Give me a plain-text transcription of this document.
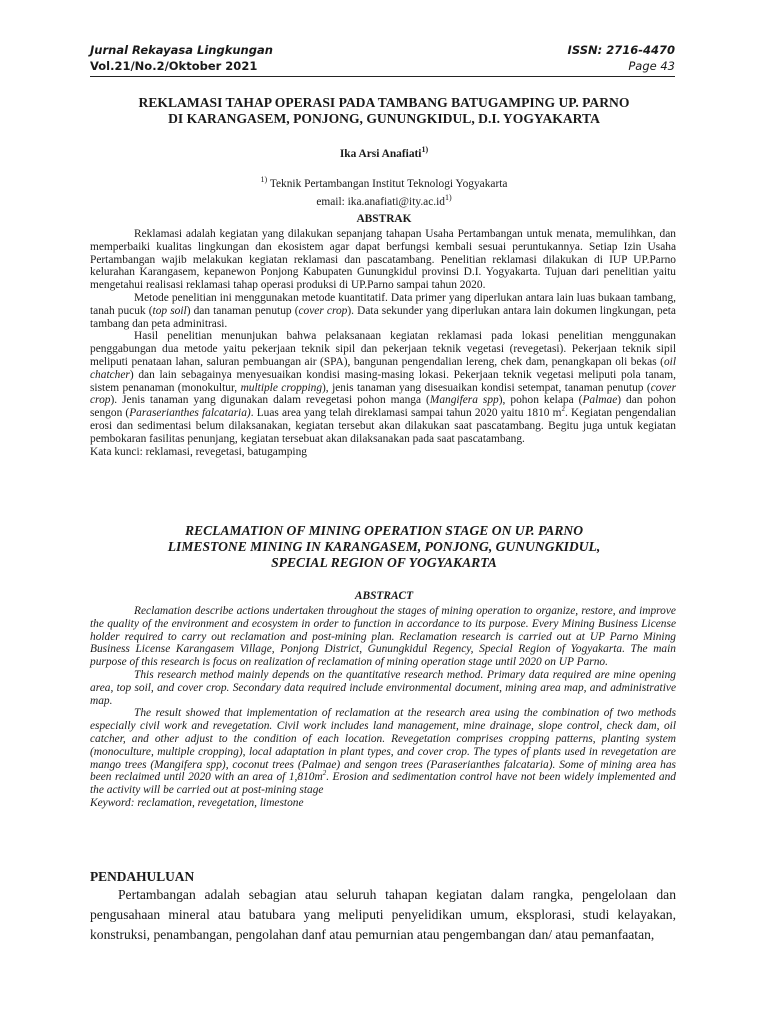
Jurnal Rekayasa Lingkungan	ISSN: 2716-4470
Vol.21/No.2/Oktober 2021	Page 43
REKLAMASI TAHAP OPERASI PADA TAMBANG BATUGAMPING UP. PARNO
DI KARANGASEM, PONJONG, GUNUNGKIDUL, D.I. YOGYAKARTA
Ika Arsi Anafiati$^{1)}$
$^{1)}$ Teknik Pertambangan Institut Teknologi Yogyakarta
email: $ika.anafiati@ity.ac.id^{1)}$
ABSTRAK

Reklamasi adalah kegiatan yang dilakukan sepanjang tahapan Usaha Pertambangan untuk menata, memulihkan, dan memperbaiki kualitas lingkungan dan ekosistem agar dapat berfungsi kembali sesuai peruntukannya. Setiap Izin Usaha Pertambangan wajib melakukan kegiatan reklamasi dan pascatambang. Penelitian reklamasi dilakukan di IUP UP.Parno kelurahan Karangasem, kepanewon Ponjong Kabupaten Gunungkidul provinsi D.I. Yogyakarta. Tujuan dari penelitian yaitu mengetahui realisasi reklamasi tahap operasi produksi di UP.Parno sampai tahun 2020.

Metode penelitian ini menggunakan metode kuantitatif. Data primer yang diperlukan antara lain luas bukaan tambang, tanah pucuk (top soil) dan tanaman penutup (cover crop). Data sekunder yang diperlukan antara lain dokumen lingkungan, peta tambang dan peta adminitrasi.

Hasil penelitian menunjukan bahwa pelaksanaan kegiatan reklamasi pada lokasi penelitian menggunakan penggabungan dua metode yaitu pekerjaan teknik sipil dan pekerjaan teknik vegetasi (revegetasi). Pekerjaan teknik sipil meliputi penataan lahan, saluran pembuangan air (SPA), bangunan pengendalian lereng, chek dam, penangkapan oli bekas (oil chatcher) dan lain sebagainya menyesuaikan kondisi masing-masing lokasi. Pekerjaan teknik vegetasi meliputi pola tanam, sistem penanaman (monokultur, multiple cropping), jenis tanaman yang disesuaikan kondisi setempat, tanaman penutup (cover crop). Jenis tanaman yang digunakan dalam revegetasi pohon manga (Mangifera spp), pohon kelapa (Palmae) dan pohon sengon (Paraserianthes falcataria). Luas area yang telah direklamasi sampai tahun 2020 yaitu 1810 $m^2$. Kegiatan pengendalian erosi dan sedimentasi belum dilaksanakan, kegiatan tersebut akan dilakukan saat pascatambang. Begitu juga untuk kegiatan pembokaran fasilitas penunjang, kegiatan tersebuat akan dilaksanakan pada saat pascatambang.

Kata kunci: reklamasi, revegetasi, batugamping

RECLAMATION OF MINING OPERATION STAGE ON UP. PARNO
LIMESTONE MINING IN KARANGASEM, PONJONG, GUNUNGKIDUL,
SPECIAL REGION OF YOGYAKARTA
ABSTRACT

Reclamation describe actions undertaken throughout the stages of mining operation to organize, restore, and improve the quality of the environment and ecosystem in order to function in accordance to its purpose. Every Mining Business License holder required to carry out reclamation and post-mining plan. Reclamation research is carried out at UP Parno Mining Business License Karangasem Village, Ponjong District, Gunungkidul Regency, Special Region of Yogyakarta. The main purpose of this research is focus on realization of reclamation of mining operation stage until 2020 on UP Parno.

This research method mainly depends on the quantitative research method. Primary data required are mine opening area, top soil, and cover crop. Secondary data required include environmental document, mining area map, and administrative map.

The result showed that implementation of reclamation at the research area using the combination of two methods especially civil work and revegetation. Civil work includes land management, mine drainage, slope control, check dam, oil catcher, and other adjust to the condition of each location. Revegetation comprises cropping patterns, planting system (monoculture, multiple cropping), local adaptation in plant types, and cover crop. The types of plants used in revegetation are mango trees (Mangifera spp), coconut trees (Palmae) and sengon trees (Paraserianthes falcataria). Some of mining area has been reclaimed until 2020 with an area of $1,810m^2$. Erosion and sedimentation control have not been widely implemented and the activity will be carried out at post-mining stage

Keyword: reclamation, revegetation, limestone

PENDAHULUAN

Pertambangan adalah sebagian atau seluruh tahapan kegiatan dalam rangka, pengelolaan dan pengusahaan mineral atau batubara yang meliputi penyelidikan umum, eksplorasi, studi kelayakan, konstruksi, penambangan, pengolahan danf atau pemurnian atau pengembangan dan/ atau pemanfaatan,
